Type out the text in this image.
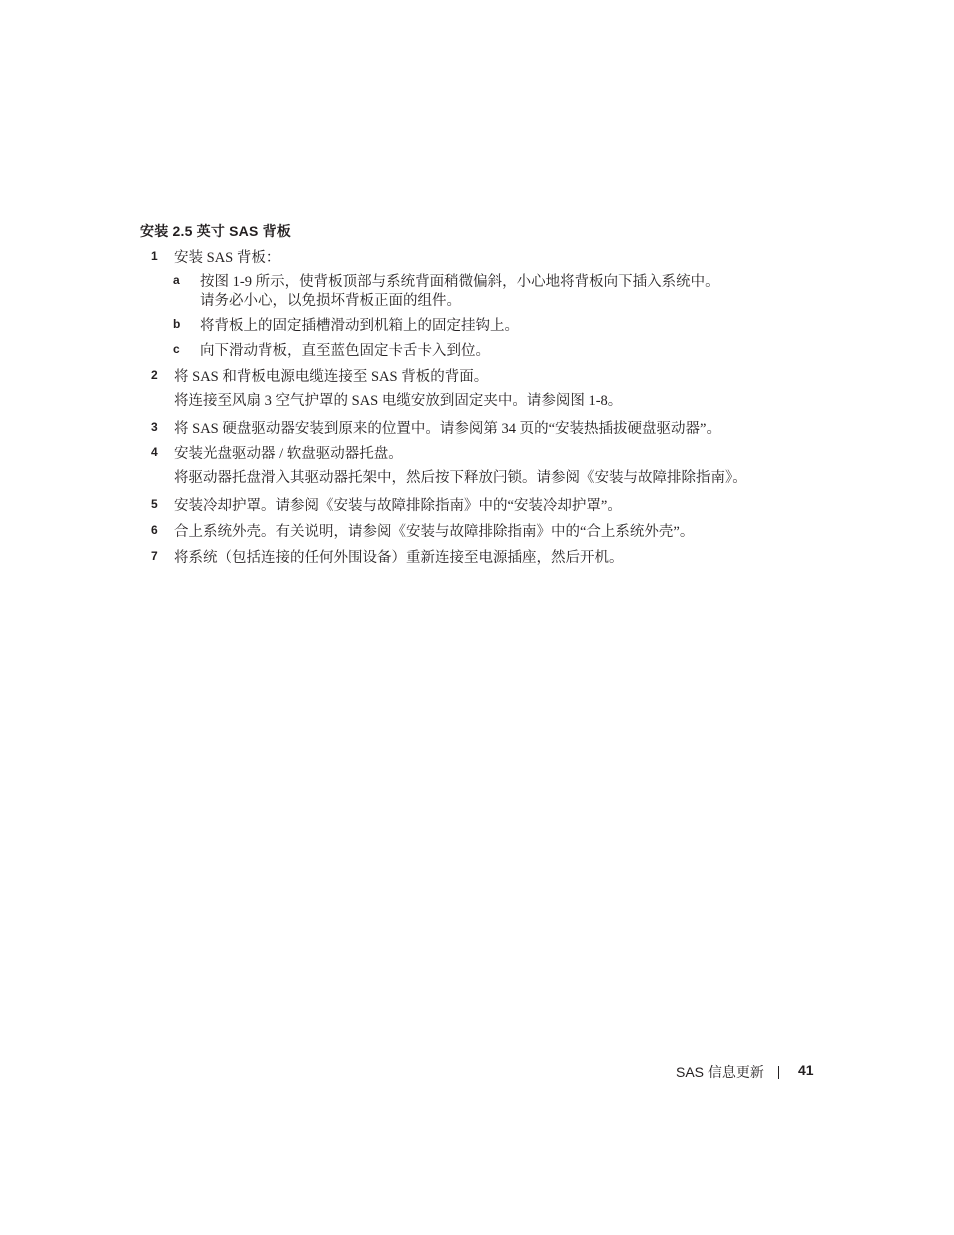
安装 2.5 英寸 SAS 背板
1 安装 SAS 背板：
a 按图 1-9 所示，使背板顶部与系统背面稍微偏斜，小心地将背板向下插入系统中。
请务必小心，以免损坏背板正面的组件。
b 将背板上的固定插槽滑动到机箱上的固定挂钩上。
c 向下滑动背板，直至蓝色固定卡舌卡入到位。
2 将 SAS 和背板电源电缆连接至 SAS 背板的背面。
将连接至风扇 3 空气护罩的 SAS 电缆安放到固定夹中。请参阅图 1-8。
3 将 SAS 硬盘驱动器安装到原来的位置中。请参阅第 34 页的“安装热插拔硬盘驱动器”。
4 安装光盘驱动器 / 软盘驱动器托盘。
将驱动器托盘滑入其驱动器托架中，然后按下释放闩锁。请参阅《安装与故障排除指南》。
5 安装冷却护罩。请参阅《安装与故障排除指南》中的“安装冷却护罩”。
6 合上系统外壳。有关说明，请参阅《安装与故障排除指南》中的“合上系统外壳”。
7 将系统（包括连接的任何外围设备）重新连接至电源插座，然后开机。
SAS 信息更新 41
